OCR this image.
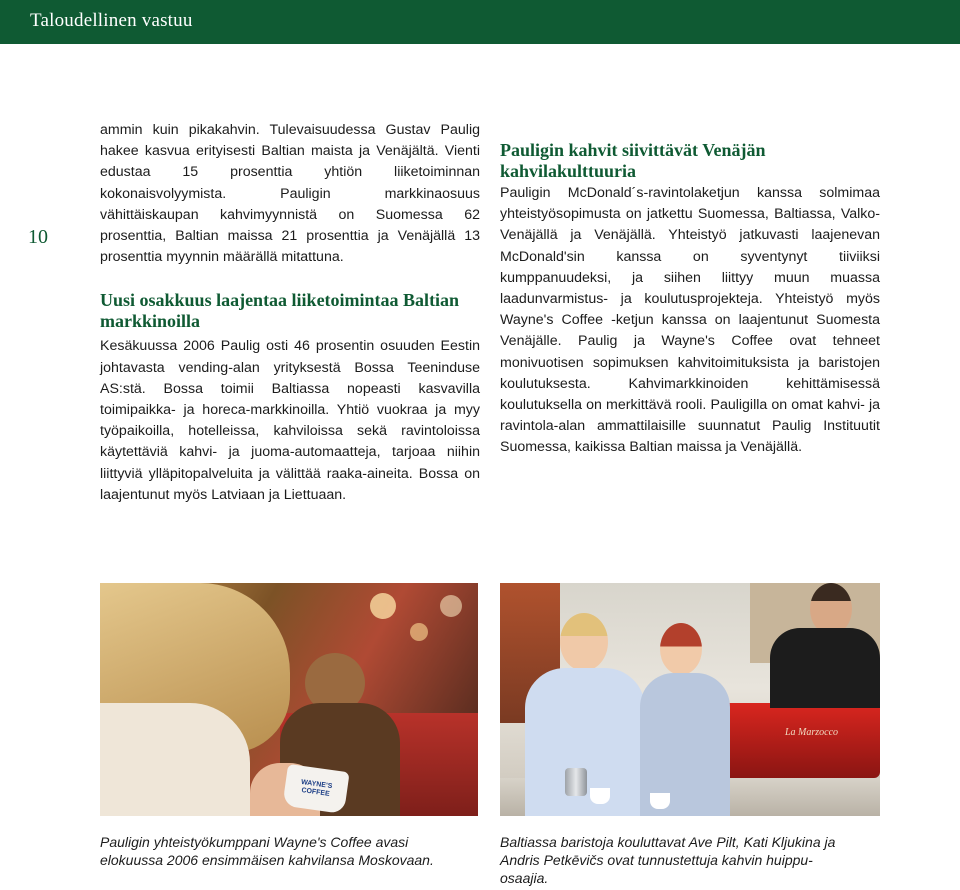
Taloudellinen vastuu
10

ammin kuin pikakahvin. Tulevaisuudessa Gustav Paulig hakee kasvua erityisesti Baltian maista ja Venäjältä. Vienti edustaa 15 prosenttia yhtiön liiketoiminnan kokonaisvolyymista. Pauligin markkinaosuus vähittäiskaupan kahvimyynnistä on Suomessa 62 prosenttia, Baltian maissa 21 prosenttia ja Venäjällä 13 prosenttia myynnin määrällä mitattuna.

Uusi osakkuus laajentaa liiketoimintaa Baltian markkinoilla

Kesäkuussa 2006 Paulig osti 46 prosentin osuuden Eestin johtavasta vending-alan yrityksestä Bossa Teeninduse AS:stä. Bossa toimii Baltiassa nopeasti kasvavilla toimipaikka- ja horeca-markkinoilla. Yhtiö vuokraa ja myy työpaikoilla, hotelleissa, kahviloissa sekä ravintoloissa käytettäviä kahvi- ja juoma-automaatteja, tarjoaa niihin liittyviä ylläpitopalveluita ja välittää raaka-aineita. Bossa on laajentunut myös Latviaan ja Liettuaan.

Pauligin kahvit siivittävät Venäjän kahvilakulttuuria

Pauligin McDonald´s-ravintolaketjun kanssa solmimaa yhteistyösopimusta on jatkettu Suomessa, Baltiassa, Valko-Venäjällä ja Venäjällä. Yhteistyö jatkuvasti laajenevan McDonald'sin kanssa on syventynyt tiiviiksi kumppanuudeksi, ja siihen liittyy muun muassa laadunvarmistus- ja koulutusprojekteja. Yhteistyö myös Wayne's Coffee -ketjun kanssa on laajentunut Suomesta Venäjälle. Paulig ja Wayne's Coffee ovat tehneet monivuotisen sopimuksen kahvitoimituksista ja baristojen koulutuksesta. Kahvimarkkinoiden kehittämisessä koulutuksella on merkittävä rooli. Pauligilla on omat kahvi- ja ravintola-alan ammattilaisille suunnatut Paulig Instituutit Suomessa, kaikissa Baltian maissa ja Venäjällä.

WAYNE'S
COFFEE
La Marzocco

Pauligin yhteistyökumppani Wayne's Coffee avasi
elokuussa 2006 ensimmäisen kahvilansa Moskovaan.

Baltiassa baristoja kouluttavat Ave Pilt, Kati Kljukina ja
Andris Petkēvičs ovat tunnustettuja kahvin huippu-
osaajia.
